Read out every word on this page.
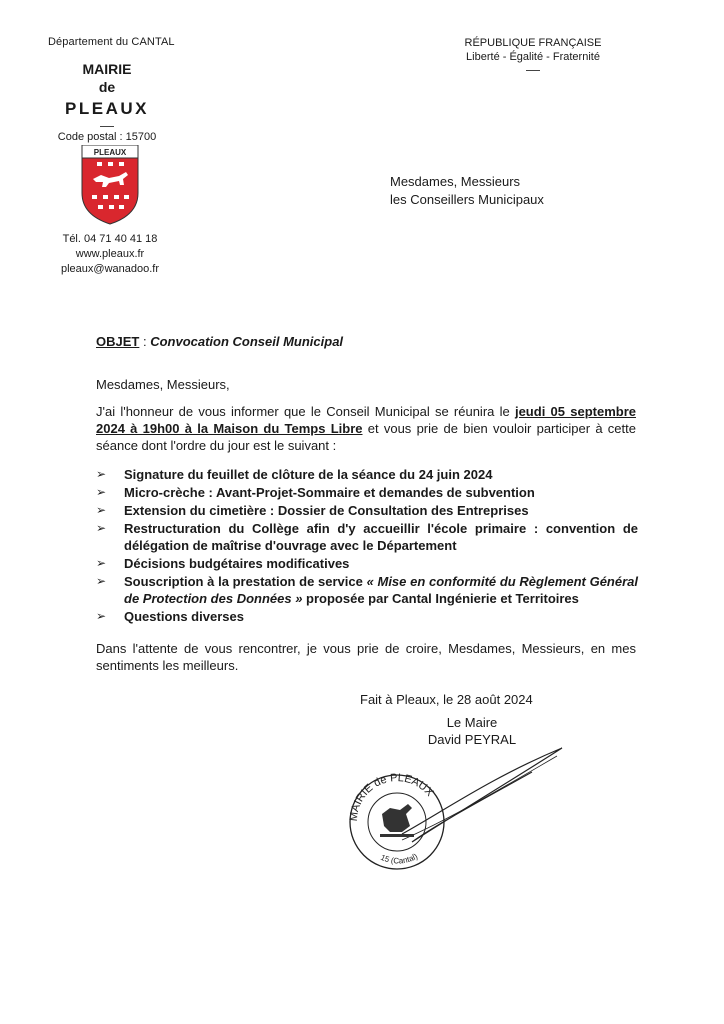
Département du CANTAL
MAIRIE
de
PLEAUX
Code postal : 15700
PLEAUX
Tél. 04 71 40 41 18
www.pleaux.fr
pleaux@wanadoo.fr
RÉPUBLIQUE FRANÇAISE
Liberté - Égalité - Fraternité
Mesdames, Messieurs
les Conseillers Municipaux
OBJET : Convocation Conseil Municipal
Mesdames, Messieurs,
J'ai l'honneur de vous informer que le Conseil Municipal se réunira le jeudi 05 septembre 2024 à 19h00 à la Maison du Temps Libre et vous prie de bien vouloir participer à cette séance dont l'ordre du jour est le suivant :
➢ Signature du feuillet de clôture de la séance du 24 juin 2024
➢ Micro-crèche : Avant-Projet-Sommaire et demandes de subvention
➢ Extension du cimetière : Dossier de Consultation des Entreprises
➢ Restructuration du Collège afin d'y accueillir l'école primaire : convention de délégation de maîtrise d'ouvrage avec le Département
➢ Décisions budgétaires modificatives
➢ Souscription à la prestation de service « Mise en conformité du Règlement Général de Protection des Données » proposée par Cantal Ingénierie et Territoires
➢ Questions diverses
Dans l'attente de vous rencontrer, je vous prie de croire, Mesdames, Messieurs, en mes sentiments les meilleurs.
Fait à Pleaux, le 28 août 2024
Le Maire
David PEYRAL
MAIRIE de PLEAUX
15 (Cantal)
